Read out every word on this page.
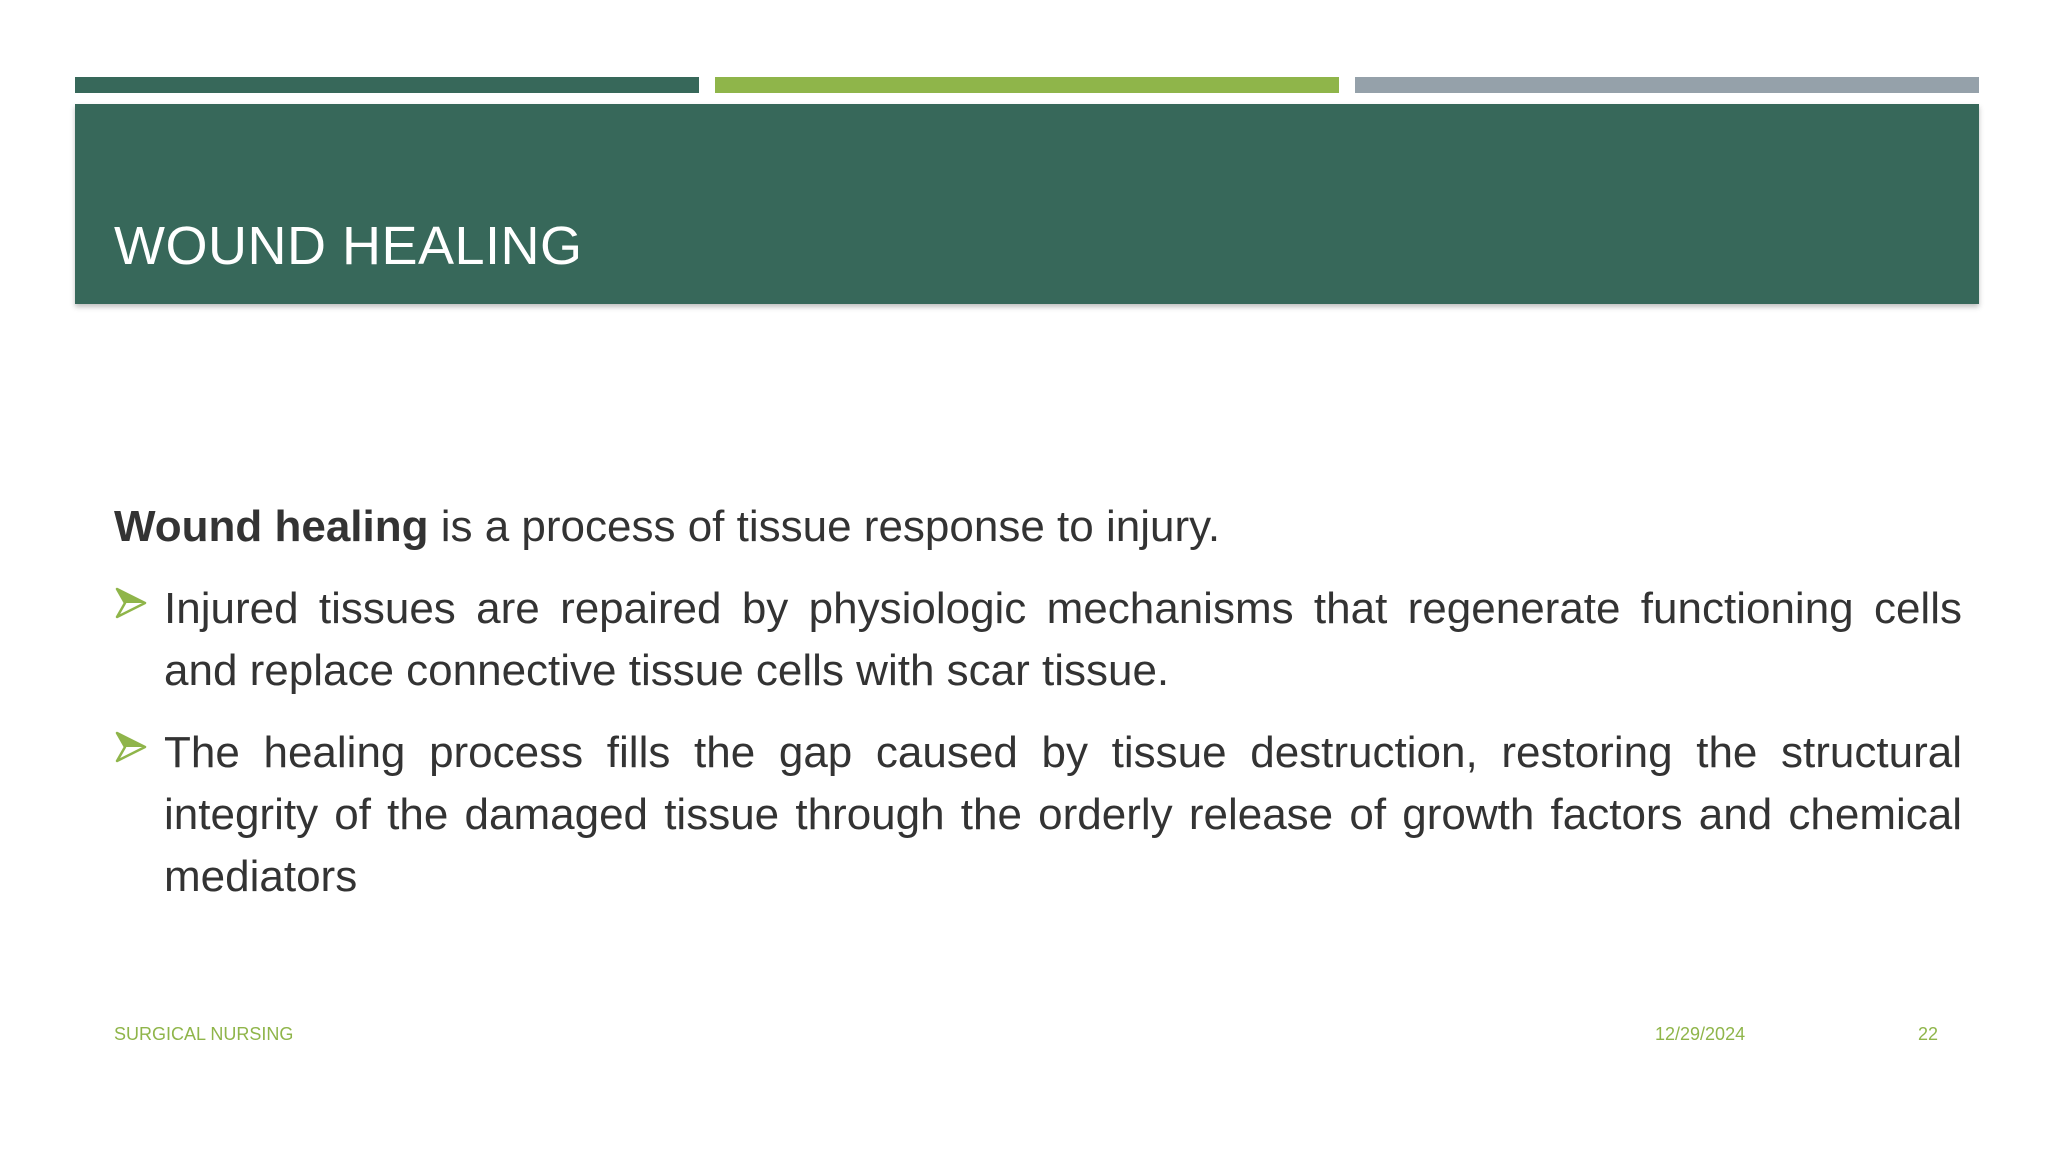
WOUND HEALING

Wound healing is a process of tissue response to injury.

Injured tissues are repaired by physiologic mechanisms that regenerate functioning cells and replace connective tissue cells with scar tissue.
The healing process fills the gap caused by tissue destruction, restoring the structural integrity of the damaged tissue through the orderly release of growth factors and chemical mediators
SURGICAL NURSING	12/29/2024	22
